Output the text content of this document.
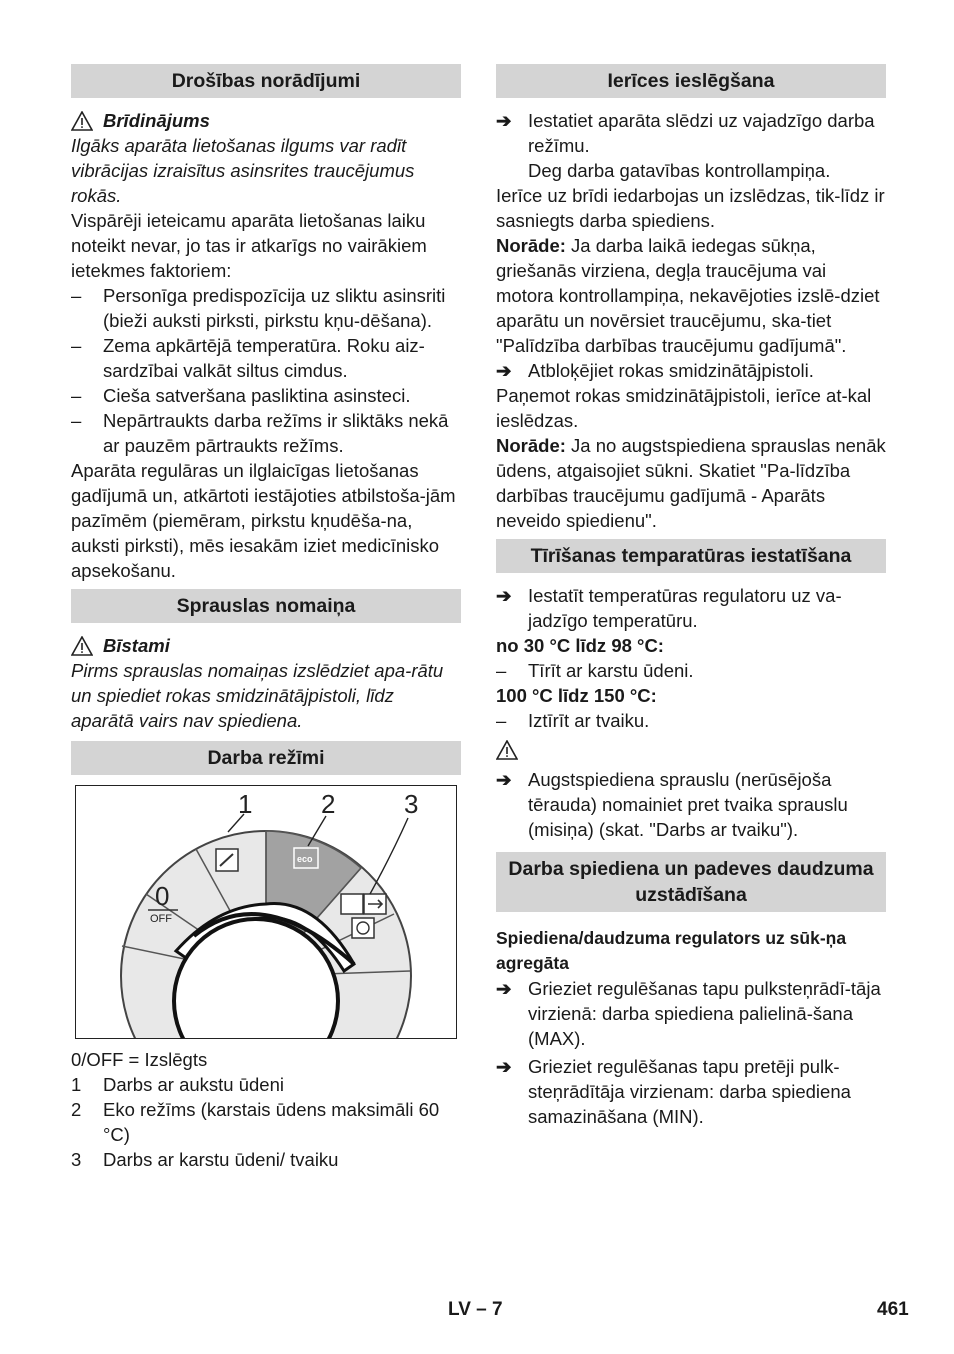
Drošības norādījumi
Brīdinājums

Ilgāks aparāta lietošanas ilgums var radīt vibrācijas izraisītus asinsrites traucējumus rokās.

Vispārēji ieteicamu aparāta lietošanas laiku noteikt nevar, jo tas ir atkarīgs no vairākiem ietekmes faktoriem:

–	Personīga predispozīcija uz sliktu asinsriti (bieži auksti pirksti, pirkstu kņu-dēšana).
–	Zema apkārtējā temperatūra. Roku aiz-sardzībai valkāt siltus cimdus.
–	Cieša satveršana pasliktina asinsteci.
–	Nepārtraukts darba režīms ir sliktāks nekā ar pauzēm pārtraukts režīms.

Aparāta regulāras un ilglaicīgas lietošanas gadījumā un, atkārtoti iestājoties atbilstoša-jām pazīmēm (piemēram, pirkstu kņudēša-na, auksti pirksti), mēs iesakām iziet medicīnisko apsekošanu.

Sprauslas nomaiņa
Bīstami

Pirms sprauslas nomaiņas izslēdziet apa-rātu un spiediet rokas smidzinātājpistoli, līdz aparātā vairs nav spiediena.

Darba režīmi
1	2	3
0
OFF
eco

0/OFF = Izslēgts

1	Darbs ar aukstu ūdeni
2	Eko režīms (karstais ūdens maksimāli 60 °C)
3	Darbs ar karstu ūdeni/ tvaiku
Ierīces ieslēgšana
➔ Iestatiet aparāta slēdzi uz vajadzīgo darba režīmu.

Deg darba gatavības kontrollampiņa.

Ierīce uz brīdi iedarbojas un izslēdzas, tik-līdz ir sasniegts darba spiediens.

Norāde: Ja darba laikā iedegas sūkņa, griešanās virziena, degļa traucējuma vai motora kontrollampiņa, nekavējoties izslē-dziet aparātu un novērsiet traucējumu, ska-tiet "Palīdzība darbības traucējumu gadījumā".

➔ Atbloķējiet rokas smidzinātājpistoli.

Paņemot rokas smidzinātājpistoli, ierīce at-kal ieslēdzas.

Norāde: Ja no augstspiediena sprauslas nenāk ūdens, atgaisojiet sūkni. Skatiet "Pa-līdzība darbības traucējumu gadījumā - Aparāts neveido spiedienu".

Tīrīšanas temparatūras iestatīšana
➔ Iestatīt temperatūras regulatoru uz va-jadzīgo temperatūru.

no 30 °C līdz 98 °C:

–	Tīrīt ar karstu ūdeni.

100 °C līdz 150 °C:

–	Iztīrīt ar tvaiku.
➔ Augstspiediena sprauslu (nerūsējoša tērauda) nomainiet pret tvaika sprauslu (misiņa) (skat. "Darbs ar tvaiku").
Darba spiediena un padeves daudzuma uzstādīšana

Spiediena/daudzuma regulators uz sūk-ņa agregāta

➔ Grieziet regulēšanas tapu pulksteņrādī-tāja virzienā: darba spiediena palielinā-šana (MAX).
➔ Grieziet regulēšanas tapu pretēji pulk-steņrādītāja virzienam: darba spiediena samazināšana (MIN).
LV – 7	461
